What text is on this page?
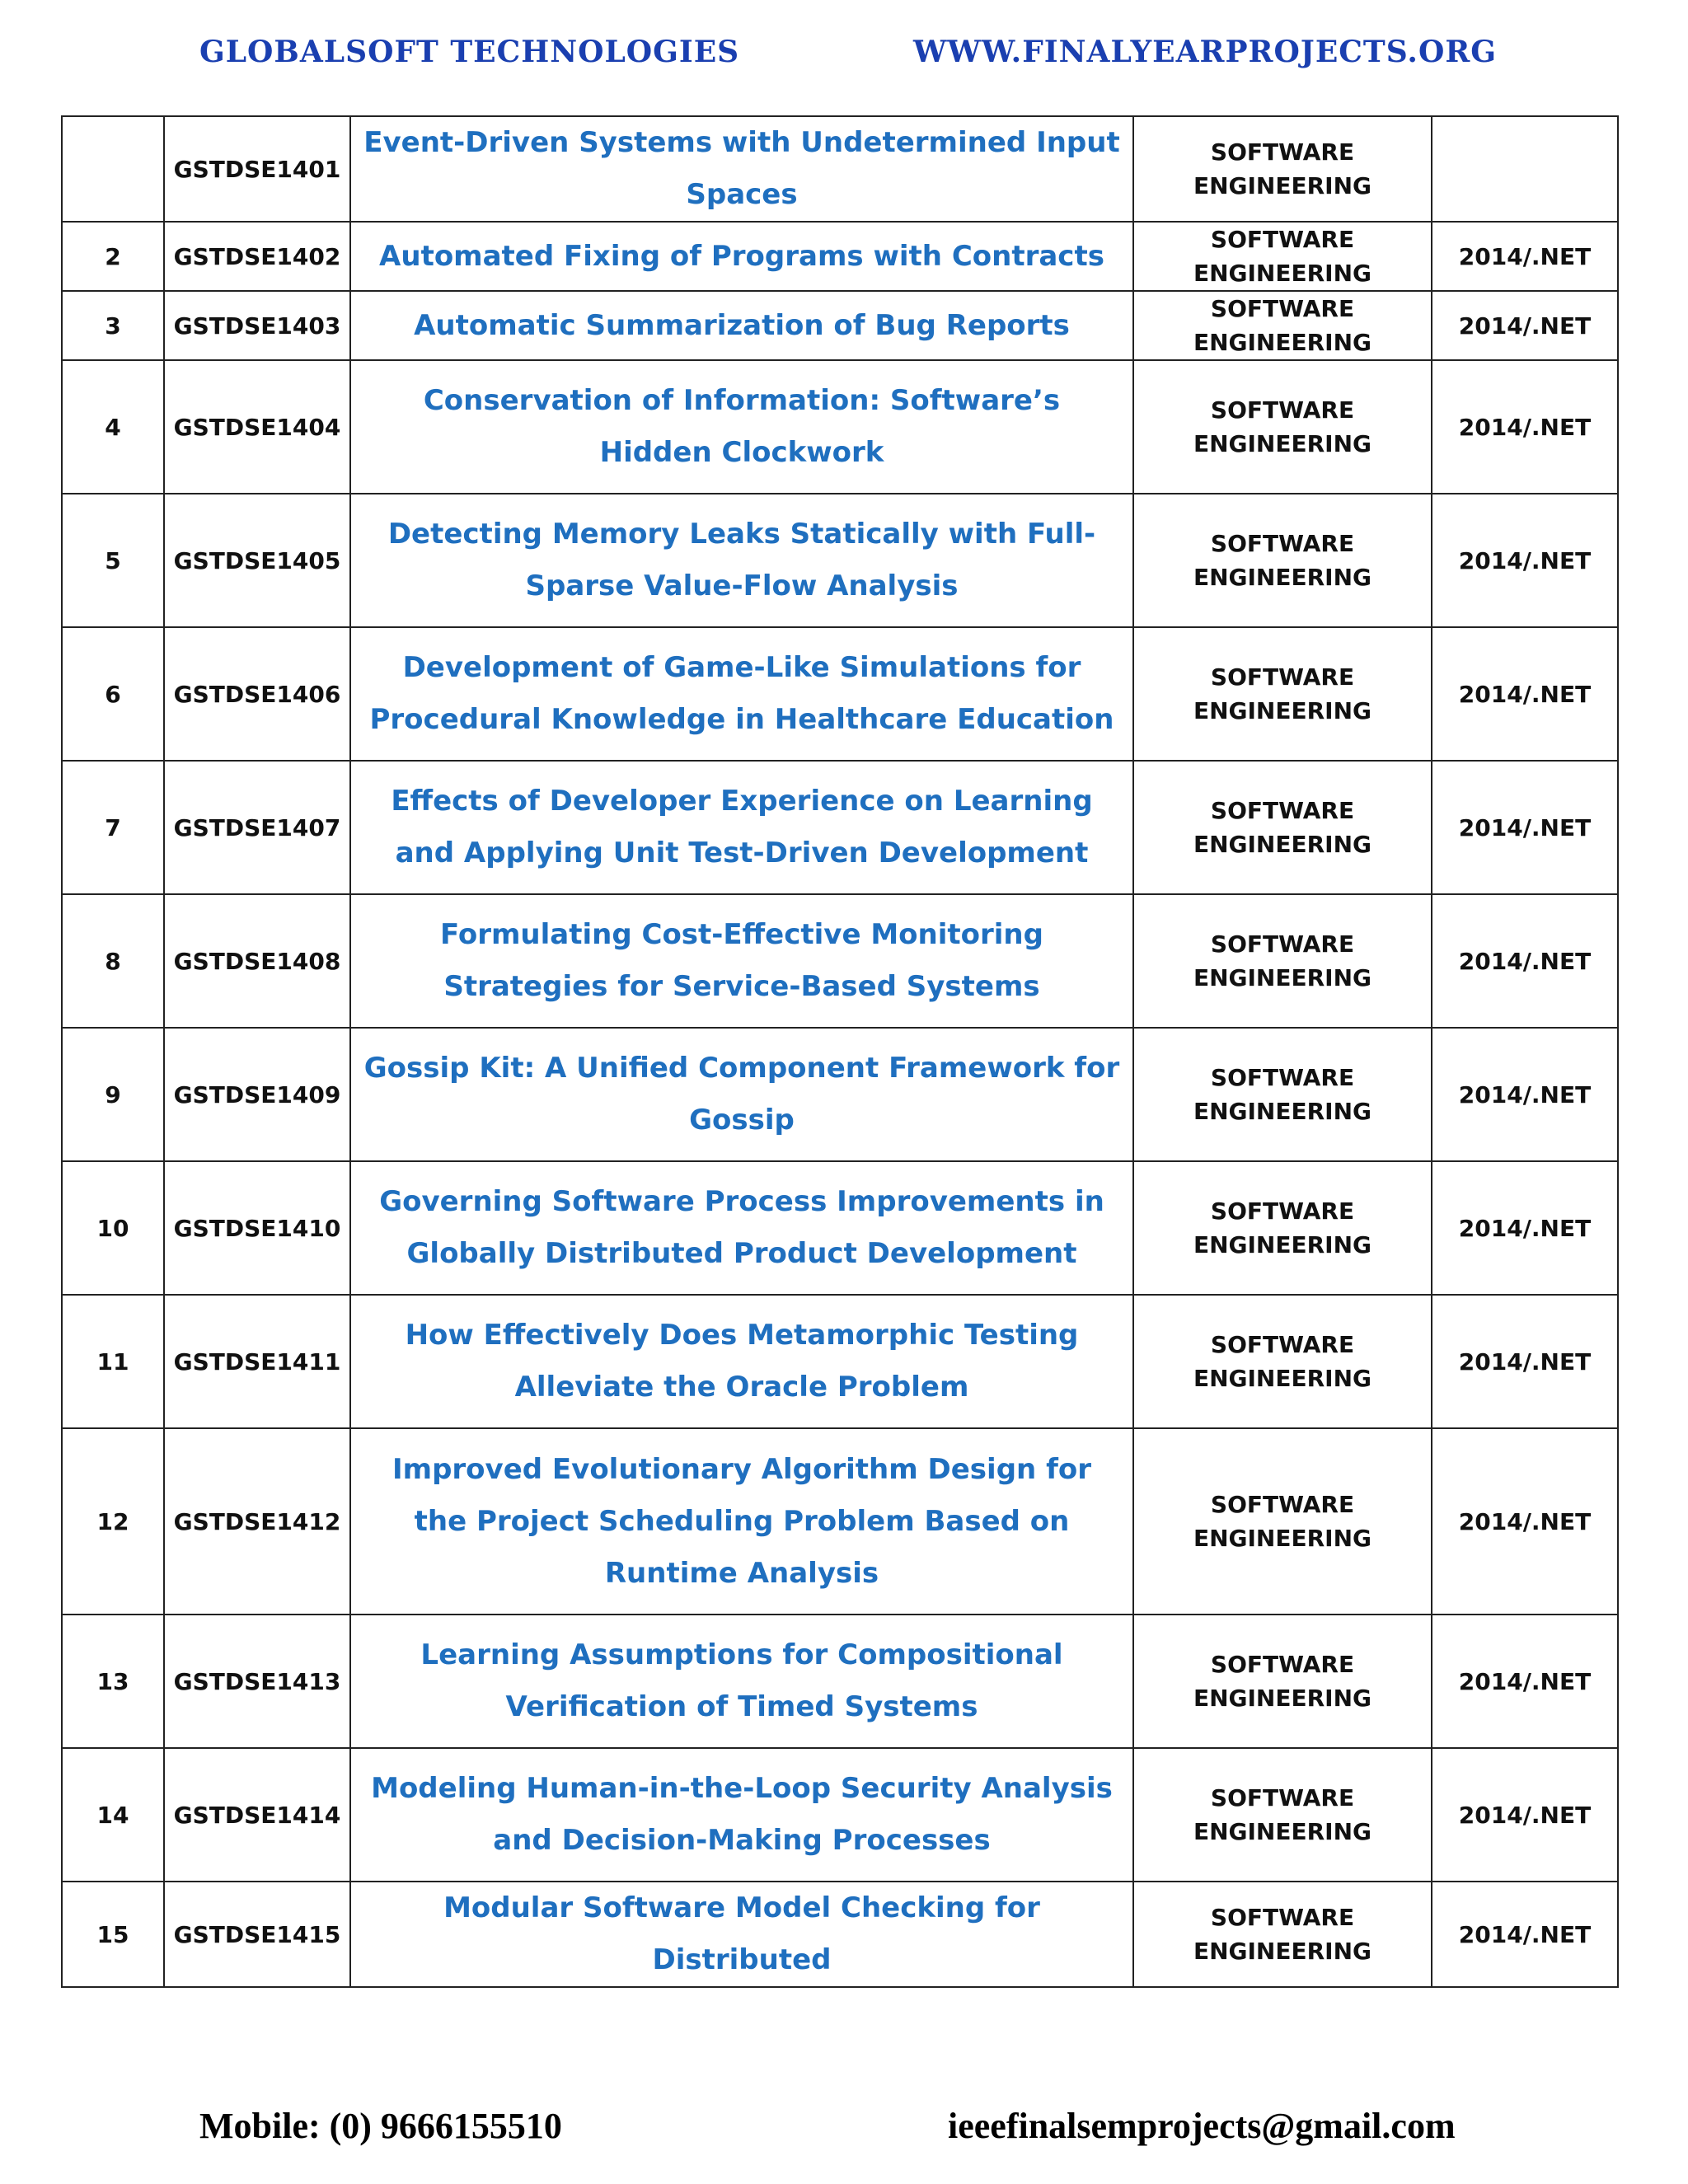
GLOBALSOFT TECHNOLOGIES	WWW.FINALYEARPROJECTS.ORG
	GSTDSE1401	Event-Driven Systems with Undetermined Input Spaces	SOFTWARE
ENGINEERING	

2	GSTDSE1402	Automated Fixing of Programs with Contracts	SOFTWARE
ENGINEERING	2014/.NET
3	GSTDSE1403	Automatic Summarization of Bug Reports	SOFTWARE
ENGINEERING	2014/.NET
4	GSTDSE1404	Conservation of Information: Software’s Hidden Clockwork	SOFTWARE
ENGINEERING	2014/.NET
5	GSTDSE1405	Detecting Memory Leaks Statically with Full-Sparse Value-Flow Analysis	SOFTWARE
ENGINEERING	2014/.NET
6	GSTDSE1406	Development of Game-Like Simulations for Procedural Knowledge in Healthcare Education	SOFTWARE
ENGINEERING	2014/.NET
7	GSTDSE1407	Effects of Developer Experience on Learning and Applying Unit Test-Driven Development	SOFTWARE
ENGINEERING	2014/.NET
8	GSTDSE1408	Formulating Cost-Effective Monitoring Strategies for Service-Based Systems	SOFTWARE
ENGINEERING	2014/.NET
9	GSTDSE1409	Gossip Kit: A Unified Component Framework for Gossip	SOFTWARE
ENGINEERING	2014/.NET
10	GSTDSE1410	Governing Software Process Improvements in Globally Distributed Product Development	SOFTWARE
ENGINEERING	2014/.NET
11	GSTDSE1411	How Effectively Does Metamorphic Testing Alleviate the Oracle Problem	SOFTWARE
ENGINEERING	2014/.NET
12	GSTDSE1412	Improved Evolutionary Algorithm Design for the Project Scheduling Problem Based on Runtime Analysis	SOFTWARE
ENGINEERING	2014/.NET
13	GSTDSE1413	Learning Assumptions for Compositional Verification of Timed Systems	SOFTWARE
ENGINEERING	2014/.NET
14	GSTDSE1414	Modeling Human-in-the-Loop Security Analysis and Decision-Making Processes	SOFTWARE
ENGINEERING	2014/.NET
15	GSTDSE1415	Modular Software Model Checking for Distributed	SOFTWARE
ENGINEERING	2014/.NET
Mobile: (0) 9666155510	ieeefinalsemprojects@gmail.com
